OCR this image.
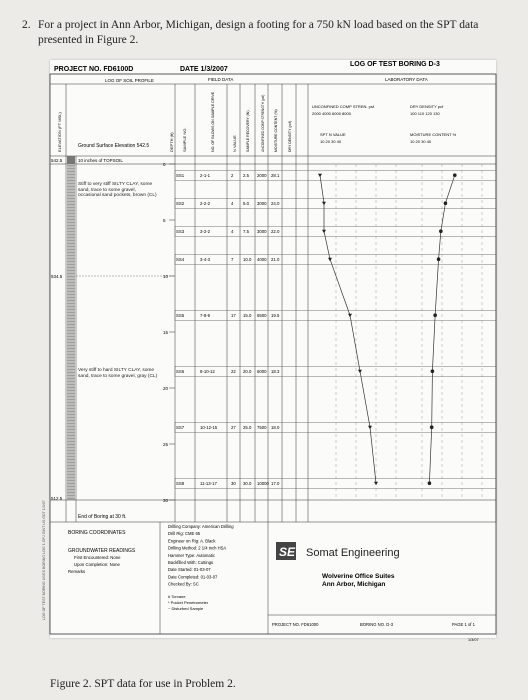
2. For a project in Ann Arbor, Michigan, design a footing for a 750 kN load based on the SPT data presented in Figure 2.
PROJECT NO. FD6100D	DATE 1/3/2007
LOG OF TEST BORING D-3
LOG OF SOIL PROFILE	FIELD DATA	LABORATORY DATA
ELEVATION (FT MSL)	DEPTH (ft) SAMPLE NO.	NO. OF BLOWS ON SAMPLE DRIVE	N VALUE	SAMPLE RECOVERY (IN)	UNCONFINED COMP STRENGTH (psf)	MOISTURE CONTENT (%)	DRY DENSITY (pcf)
UNCONFINED COMP STREN. psf
2000 4000 6000 8000
DRY DENSITY pcf
100 110 120 130
SPT N VALUE
10 20 30 40
MOISTURE CONTENT %
10 20 30 40
Ground Surface Elevation 542.5
542.5	10 inches of TOPSOIL
Stiff to very stiff SILTY CLAY, some sand, trace to some gravel, occasional sand pockets, brown (CL)
534.5
Very stiff to hard SILTY CLAY, some sand, trace to some gravel, gray (CL)
512.5
End of Boring at 30 ft.
0
5
10
15
20
25
30
SS1	2-1-1	2 2.5 2000 28.1
SS2	2-2-2	4 5.0 3000 24.0
SS3	3-2-2	4 7.5 3000 22.0
SS4	3-4-3	7 10.0 4000 21.0
SS5	7-8-9	17 15.0 6500 19.5
SS6	8-10-12	22 20.0 6000 18.3
SS7	10-12-15	27 25.0 7500 18.0
SS8	11-13-17	30 30.0 10000 17.0
BORING COORDINATES
GROUNDWATER READINGS
First Encountered: None
Upon Completion: None
Remarks
Drilling Company: American Drilling
Drill Rig: CME 65
Engineer on Rig: A. Black
Drilling Method: 2 1/4 inch HSA
Hammer Type: Automatic
Backfilled With: Cuttings
Date Started: 01-03-07
Date Completed: 01-03-07
Checked By: SC
# Torvane
* Pocket Penetrometer
~ Disturbed Sample
SE Somat Engineering
Wolverine Office Suites
Ann Arbor, Michigan
PROJECT NO. FD61000	BORING NO. D-3	PAGE 1 of 1
1/3/07
LOG OF TEST BORING USGS BORING LOG 1.GPJ GINT US.GDT 1/3/07
Figure 2. SPT data for use in Problem 2.
